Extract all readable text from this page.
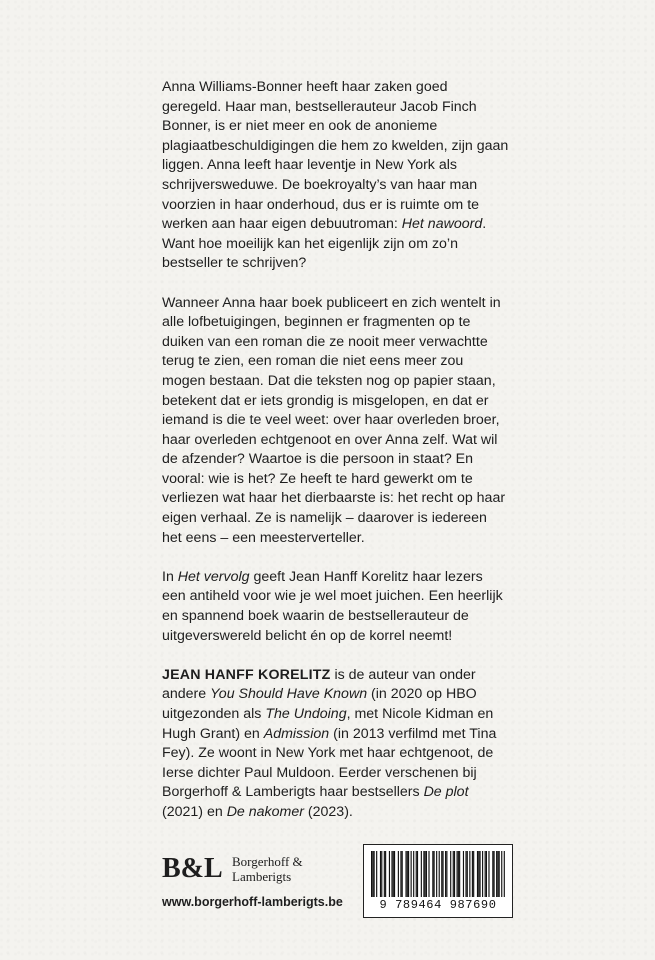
Anna Williams-Bonner heeft haar zaken goed geregeld. Haar man, bestsellerauteur Jacob Finch Bonner, is er niet meer en ook de anonieme plagiaatbeschuldigingen die hem zo kwelden, zijn gaan liggen. Anna leeft haar leventje in New York als schrijversweduwe. De boekroyalty’s van haar man voorzien in haar onderhoud, dus er is ruimte om te werken aan haar eigen debuutroman: Het nawoord. Want hoe moeilijk kan het eigenlijk zijn om zo’n bestseller te schrijven?

Wanneer Anna haar boek publiceert en zich wentelt in alle lofbetuigingen, beginnen er fragmenten op te duiken van een roman die ze nooit meer verwachtte terug te zien, een roman die niet eens meer zou mogen bestaan. Dat die teksten nog op papier staan, betekent dat er iets grondig is misgelopen, en dat er iemand is die te veel weet: over haar overleden broer, haar overleden echtgenoot en over Anna zelf. Wat wil de afzender? Waartoe is die persoon in staat? En vooral: wie is het? Ze heeft te hard gewerkt om te verliezen wat haar het dierbaarste is: het recht op haar eigen verhaal. Ze is namelijk – daarover is iedereen het eens – een meesterverteller.

In Het vervolg geeft Jean Hanff Korelitz haar lezers een antiheld voor wie je wel moet juichen. Een heerlijk en spannend boek waarin de bestsellerauteur de uitgeverswereld belicht én op de korrel neemt!

JEAN HANFF KORELITZ is de auteur van onder andere You Should Have Known (in 2020 op HBO uitgezonden als The Undoing, met Nicole Kidman en Hugh Grant) en Admission (in 2013 verfilmd met Tina Fey). Ze woont in New York met haar echtgenoot, de Ierse dichter Paul Muldoon. Eerder verschenen bij Borgerhoff & Lamberigts haar bestsellers De plot (2021) en De nakomer (2023).

B&L Borgerhoff &
Lamberigts
www.borgerhoff-lamberigts.be	9 789464 987690
